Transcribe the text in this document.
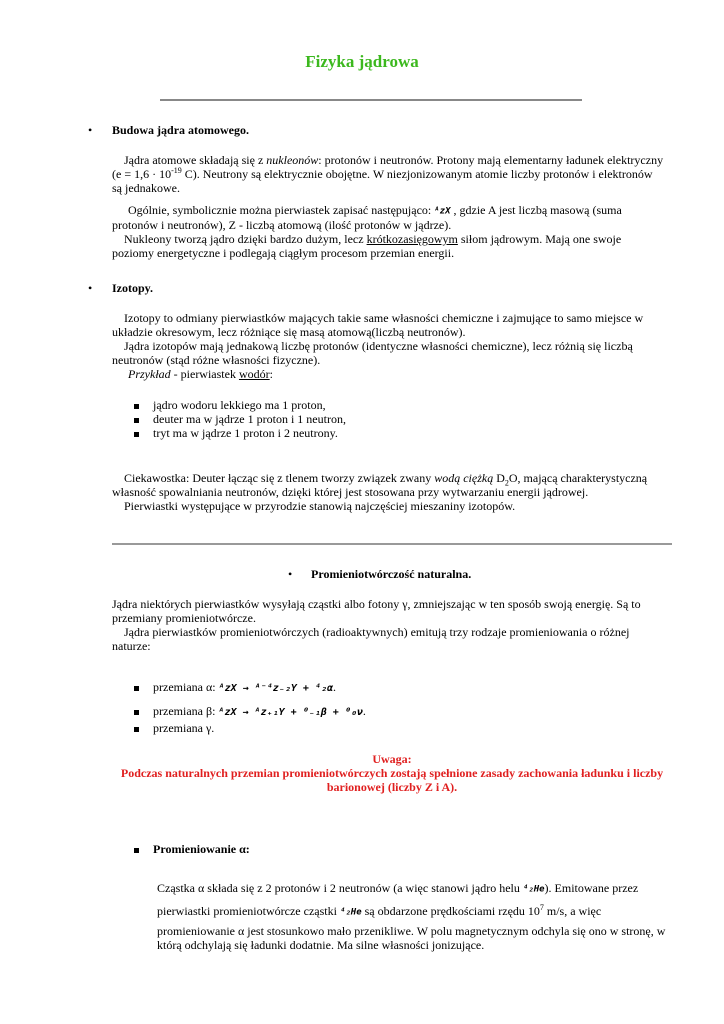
Fizyka jądrowa
• Budowa jądra atomowego.

Jądra atomowe składają się z nukleonów: protonów i neutronów. Protony mają elementarny ładunek elektryczny

($e = 1,6 \cdot 10^{-19}$ C). Neutrony są elektrycznie obojętne. W niezjonizowanym atomie liczby protonów i elektronów

są jednakowe.

Ogólnie, symbolicznie można pierwiastek zapisać następująco: ᴬzX , gdzie A jest liczbą masową (suma

protonów i neutronów), Z - liczbą atomową (ilość protonów w jądrze).

Nukleony tworzą jądro dzięki bardzo dużym, lecz krótkozasięgowym siłom jądrowym. Mają one swoje

poziomy energetyczne i podlegają ciągłym procesom przemian energii.

• Izotopy.

Izotopy to odmiany pierwiastków mających takie same własności chemiczne i zajmujące to samo miejsce w

układzie okresowym, lecz różniące się masą atomową(liczbą neutronów).

Jądra izotopów mają jednakową liczbę protonów (identyczne własności chemiczne), lecz różnią się liczbą

neutronów (stąd różne własności fizyczne).

Przykład - pierwiastek wodór:

jądro wodoru lekkiego ma 1 proton,
deuter ma w jądrze 1 proton i 1 neutron,
tryt ma w jądrze 1 proton i 2 neutrony.

Ciekawostka: Deuter łącząc się z tlenem tworzy związek zwany wodą ciężką $D_2O$, mającą charakterystyczną

własność spowalniania neutronów, dzięki której jest stosowana przy wytwarzaniu energii jądrowej.

Pierwiastki występujące w przyrodzie stanowią najczęściej mieszaniny izotopów.

• Promieniotwórczość naturalna.

Jądra niektórych pierwiastków wysyłają cząstki albo fotony γ, zmniejszając w ten sposób swoją energię. Są to

przemiany promieniotwórcze.

Jądra pierwiastków promieniotwórczych (radioaktywnych) emitują trzy rodzaje promieniowania o różnej

naturze:

przemiana α: ᴬzX → ᴬ⁻⁴z₋₂Y + ⁴₂α.
przemiana β: ᴬzX → ᴬz₊₁Y + ⁰₋₁β + ⁰₀ν.
przemiana γ.
Uwaga:
Podczas naturalnych przemian promieniotwórczych zostają spełnione zasady zachowania ładunku i liczby
barionowej (liczby Z i A).
Promieniowanie α:

Cząstka α składa się z 2 protonów i 2 neutronów (a więc stanowi jądro helu ⁴₂He). Emitowane przez

pierwiastki promieniotwórcze cząstki ⁴₂He są obdarzone prędkościami rzędu $10^7$ m/s, a więc

promieniowanie α jest stosunkowo mało przenikliwe. W polu magnetycznym odchyla się ono w stronę, w

którą odchylają się ładunki dodatnie. Ma silne własności jonizujące.
